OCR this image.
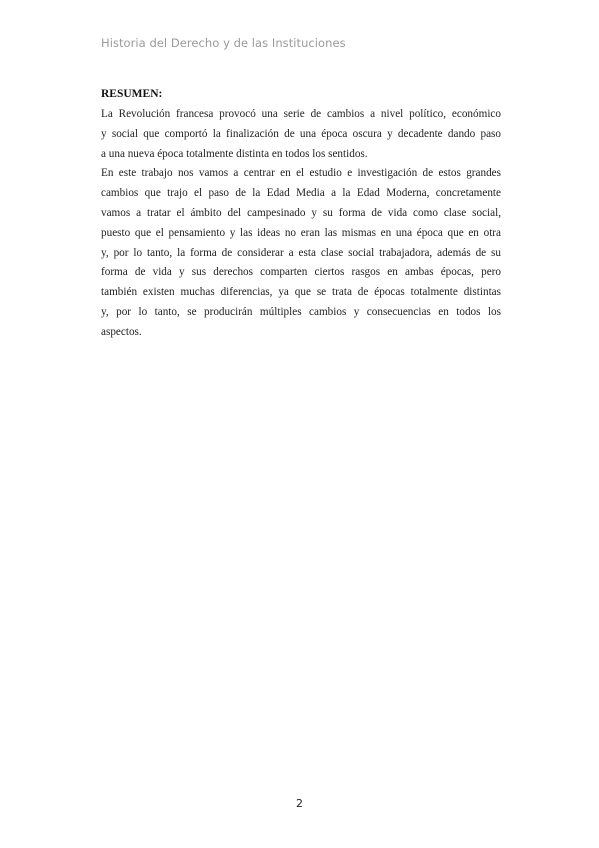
Historia del Derecho y de las Instituciones
RESUMEN:
La Revolución francesa provocó una serie de cambios a nivel político, económico
y social que comportó la finalización de una época oscura y decadente dando paso
a una nueva época totalmente distinta en todos los sentidos.
En este trabajo nos vamos a centrar en el estudio e investigación de estos grandes
cambios que trajo el paso de la Edad Media a la Edad Moderna, concretamente
vamos a tratar el ámbito del campesinado y su forma de vida como clase social,
puesto que el pensamiento y las ideas no eran las mismas en una época que en otra
y, por lo tanto, la forma de considerar a esta clase social trabajadora, además de su
forma de vida y sus derechos comparten ciertos rasgos en ambas épocas, pero
también existen muchas diferencias, ya que se trata de épocas totalmente distintas
y, por lo tanto, se producirán múltiples cambios y consecuencias en todos los
aspectos.
2
